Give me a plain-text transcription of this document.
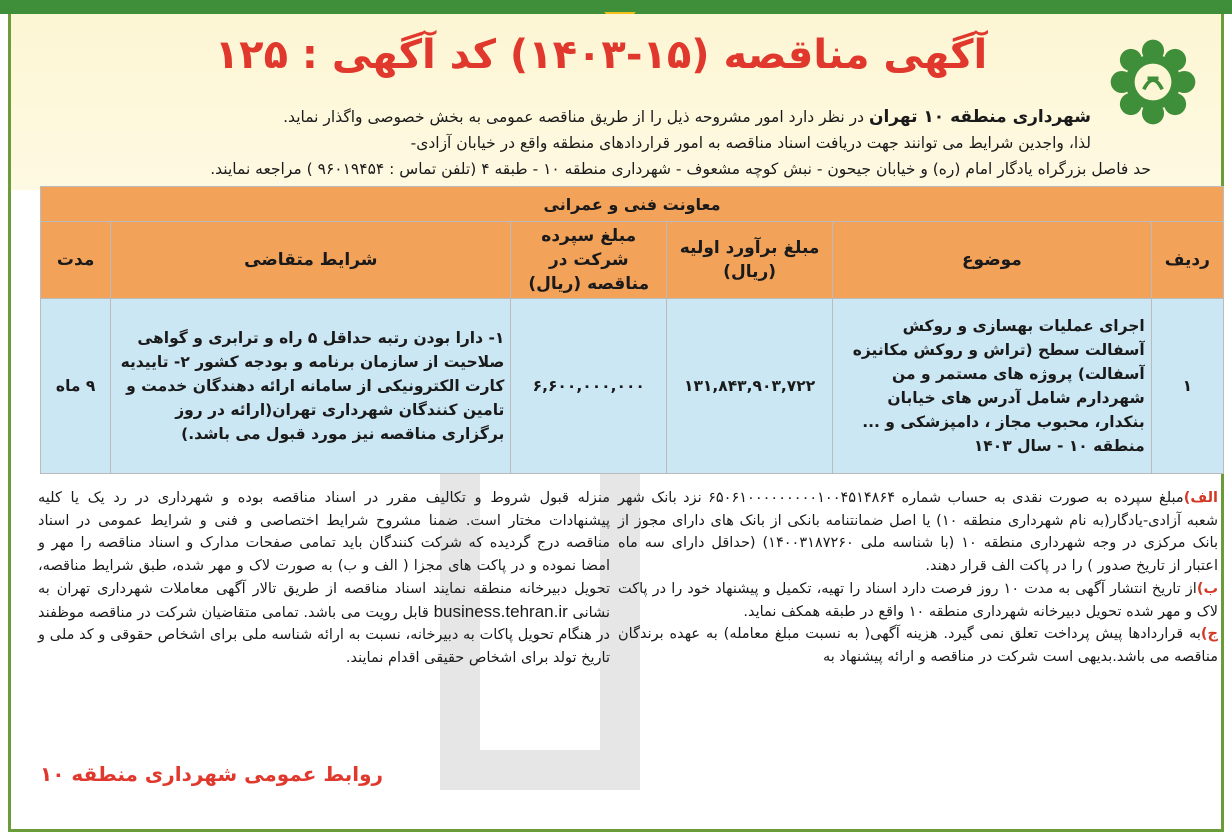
آگهی مناقصه (۱۵-۱۴۰۳) کد آگهی : ۱۲۵
شهرداری منطقه ۱۰ تهران در نظر دارد امور مشروحه ذیل را از طریق مناقصه عمومی به بخش خصوصی واگذار نماید.
لذا، واجدین شرایط می توانند جهت دریافت اسناد مناقصه به امور قراردادهای منطقه واقع در خیابان آزادی-
حد فاصل بزرگراه یادگار امام (ره) و خیابان جیحون - نبش کوچه مشعوف - شهرداری منطقه ۱۰ - طبقه ۴ (تلفن تماس : ۹۶۰۱۹۴۵۴ ) مراجعه نمایند.
معاونت فنی و عمرانی					
ردیف	موضوع	مبلغ برآورد اولیه (ریال)	مبلغ سپرده شرکت در مناقصه (ریال)	شرایط متقاضی	مدت
۱	اجرای عملیات بهسازی و روکش آسفالت سطح (تراش و روکش مکانیزه آسفالت) پروژه های مستمر و من شهردارم شامل آدرس های خیابان بنکدار، محبوب مجاز ، دامپزشکی و ... منطقه ۱۰ - سال ۱۴۰۳	۱۳۱,۸۴۳,۹۰۳,۷۲۲	۶,۶۰۰,۰۰۰,۰۰۰	۱- دارا بودن رتبه حداقل ۵ راه و ترابری و گواهی صلاحیت از سازمان برنامه و بودجه کشور ۲- تاییدیه کارت الکترونیکی از سامانه ارائه دهندگان خدمت و تامین کنندگان شهرداری تهران(ارائه در روز برگزاری مناقصه نیز مورد قبول می باشد.)	۹ ماه
الف)مبلغ سپرده به صورت نقدی به حساب شماره ۶۵۰۶۱۰۰۰۰۰۰۰۰۰۱۰۰۴۵۱۴۸۶۴ نزد بانک شهر شعبه آزادی-یادگار(به نام شهرداری منطقه ۱۰) یا اصل ضمانتنامه بانکی از بانک های دارای مجوز از بانک مرکزی در وجه شهرداری منطقه ۱۰ (با شناسه ملی ۱۴۰۰۳۱۸۷۲۶۰) (حداقل دارای سه ماه اعتبار از تاریخ صدور ) را در پاکت الف قرار دهند.
ب)از تاریخ انتشار آگهی به مدت ۱۰ روز فرصت دارد اسناد را تهیه، تکمیل و پیشنهاد خود را در پاکت لاک و مهر شده تحویل دبیرخانه شهرداری منطقه ۱۰ واقع در طبقه همکف نماید.
ج)به قراردادها پیش پرداخت تعلق نمی گیرد. هزینه آگهی( به نسبت مبلغ معامله) به عهده برندگان مناقصه می باشد.بدیهی است شرکت در مناقصه و ارائه پیشنهاد به
منزله قبول شروط و تکالیف مقرر در اسناد مناقصه بوده و شهرداری در رد یک یا کلیه پیشنهادات مختار است. ضمنا مشروح شرایط اختصاصی و فنی و شرایط عمومی در اسناد مناقصه درج گردیده که شرکت کنندگان باید تمامی صفحات مدارک و اسناد مناقصه را مهر و امضا نموده و در پاکت های مجزا ( الف و ب) به صورت لاک و مهر شده، طبق شرایط مناقصه، تحویل دبیرخانه منطقه نمایند اسناد مناقصه از طریق تالار آگهی معاملات شهرداری تهران به نشانی business.tehran.ir قابل رویت می باشد. تمامی متقاضیان شرکت در مناقصه موظفند در هنگام تحویل پاکات به دبیرخانه، نسبت به ارائه شناسه ملی برای اشخاص حقوقی و کد ملی و تاریخ تولد برای اشخاص حقیقی اقدام نمایند.
روابط عمومی شهرداری منطقه ۱۰
